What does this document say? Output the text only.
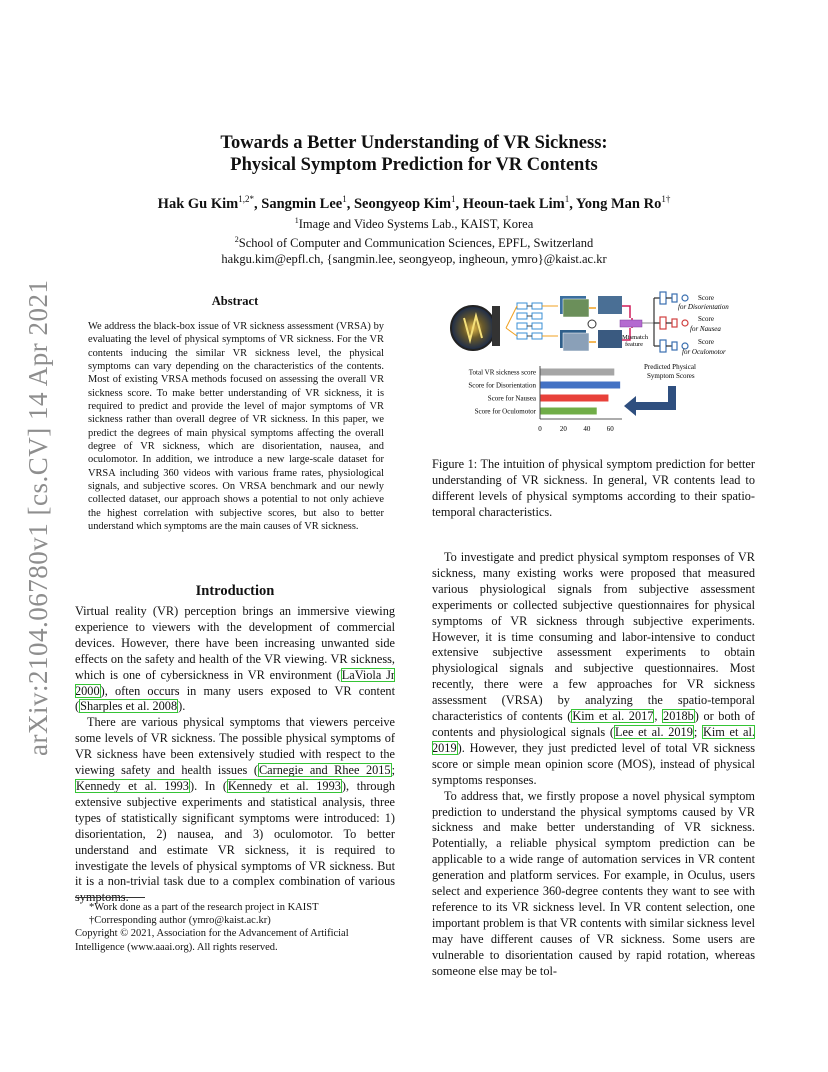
arXiv:2104.06780v1 [cs.CV] 14 Apr 2021
Towards a Better Understanding of VR Sickness:
Physical Symptom Prediction for VR Contents
Hak Gu Kim$^{1,2*}$, Sangmin Lee$^1$, Seongyeop Kim$^1$, Heoun-taek Lim$^1$, Yong Man $Ro^{1\dagger}$
$^1$Image and Video Systems Lab., KAIST, Korea
$^2$School of Computer and Communication Sciences, EPFL, Switzerland
hakgu.kim@epfl.ch, {sangmin.lee, seongyeop, ingheoun, ymro}@kaist.ac.kr
Abstract
We address the black-box issue of VR sickness assessment (VRSA) by evaluating the level of physical symptoms of VR sickness. For the VR contents inducing the similar VR sickness level, the physical symptoms can vary depending on the characteristics of the contents. Most of existing VRSA methods focused on assessing the overall VR sickness score. To make better understanding of VR sickness, it is required to predict and provide the level of major symptoms of VR sickness rather than overall degree of VR sickness. In this paper, we predict the degrees of main physical symptoms affecting the overall degree of VR sickness, which are disorientation, nausea, and oculomotor. In addition, we introduce a new large-scale dataset for VRSA including 360 videos with various frame rates, physiological signals, and subjective scores. On VRSA benchmark and our newly collected dataset, our approach shows a potential to not only achieve the highest correlation with subjective scores, but also to better understand which symptoms are the main causes of VR sickness.
Introduction

Virtual reality (VR) perception brings an immersive viewing experience to viewers with the development of commercial devices. However, there have been increasing unwanted side effects on the safety and health of the VR viewing. VR sickness, which is one of cybersickness in VR environment (LaViola Jr 2000), often occurs in many users exposed to VR content (Sharples et al. 2008).

There are various physical symptoms that viewers perceive some levels of VR sickness. The possible physical symptoms of VR sickness have been extensively studied with respect to the viewing safety and health issues (Carnegie and Rhee 2015; Kennedy et al. 1993). In (Kennedy et al. 1993), through extensive subjective experiments and statistical analysis, three types of statistically significant symptoms were introduced: 1) disorientation, 2) nausea, and 3) oculomotor. To better understand and estimate VR sickness, it is required to investigate the levels of physical symptoms of VR sickness. But it is a non-trivial task due to a complex combination of various symptoms.

*Work done as a part of the research project in KAIST
†Corresponding author (ymro@kaist.ac.kr)
Copyright © 2021, Association for the Advancement of Artificial Intelligence (www.aaai.org). All rights reserved.
Mismatch
feature
Score
for Disorientation
Score
for Nausea
Score
for Oculomotor
Predicted Physical
Symptom Scores
Total VR sickness score
Score for Disorientation
Score for Nausea
Score for Oculomotor
0	20 40 60
Figure 1: The intuition of physical symptom prediction for better understanding of VR sickness. In general, VR contents lead to different levels of physical symptoms according to their spatio-temporal characteristics.

To investigate and predict physical symptom responses of VR sickness, many existing works were proposed that measured various physiological signals from subjective assessment experiments or collected subjective questionnaires for physical symptoms of VR sickness through subjective experiments. However, it is time consuming and labor-intensive to conduct extensive subjective assessment experiments to obtain physiological signals and subjective questionnaires. Most recently, there were a few approaches for VR sickness assessment (VRSA) by analyzing the spatio-temporal characteristics of contents (Kim et al. 2017, 2018b) or both of contents and physiological signals (Lee et al. 2019; Kim et al. 2019). However, they just predicted level of total VR sickness score or simple mean opinion score (MOS), instead of physical symptoms responses.

To address that, we firstly propose a novel physical symptom prediction to understand the physical symptoms caused by VR sickness and make better understanding of VR sickness. Potentially, a reliable physical symptom prediction can be applicable to a wide range of automation services in VR content generation and platform services. For example, in Oculus, users select and experience 360-degree contents they want to see with reference to its VR sickness level. In VR content selection, one important problem is that VR contents with similar sickness level may have different causes of VR sickness. Some users are vulnerable to disorientation caused by rapid rotation, whereas someone else may be tol-
